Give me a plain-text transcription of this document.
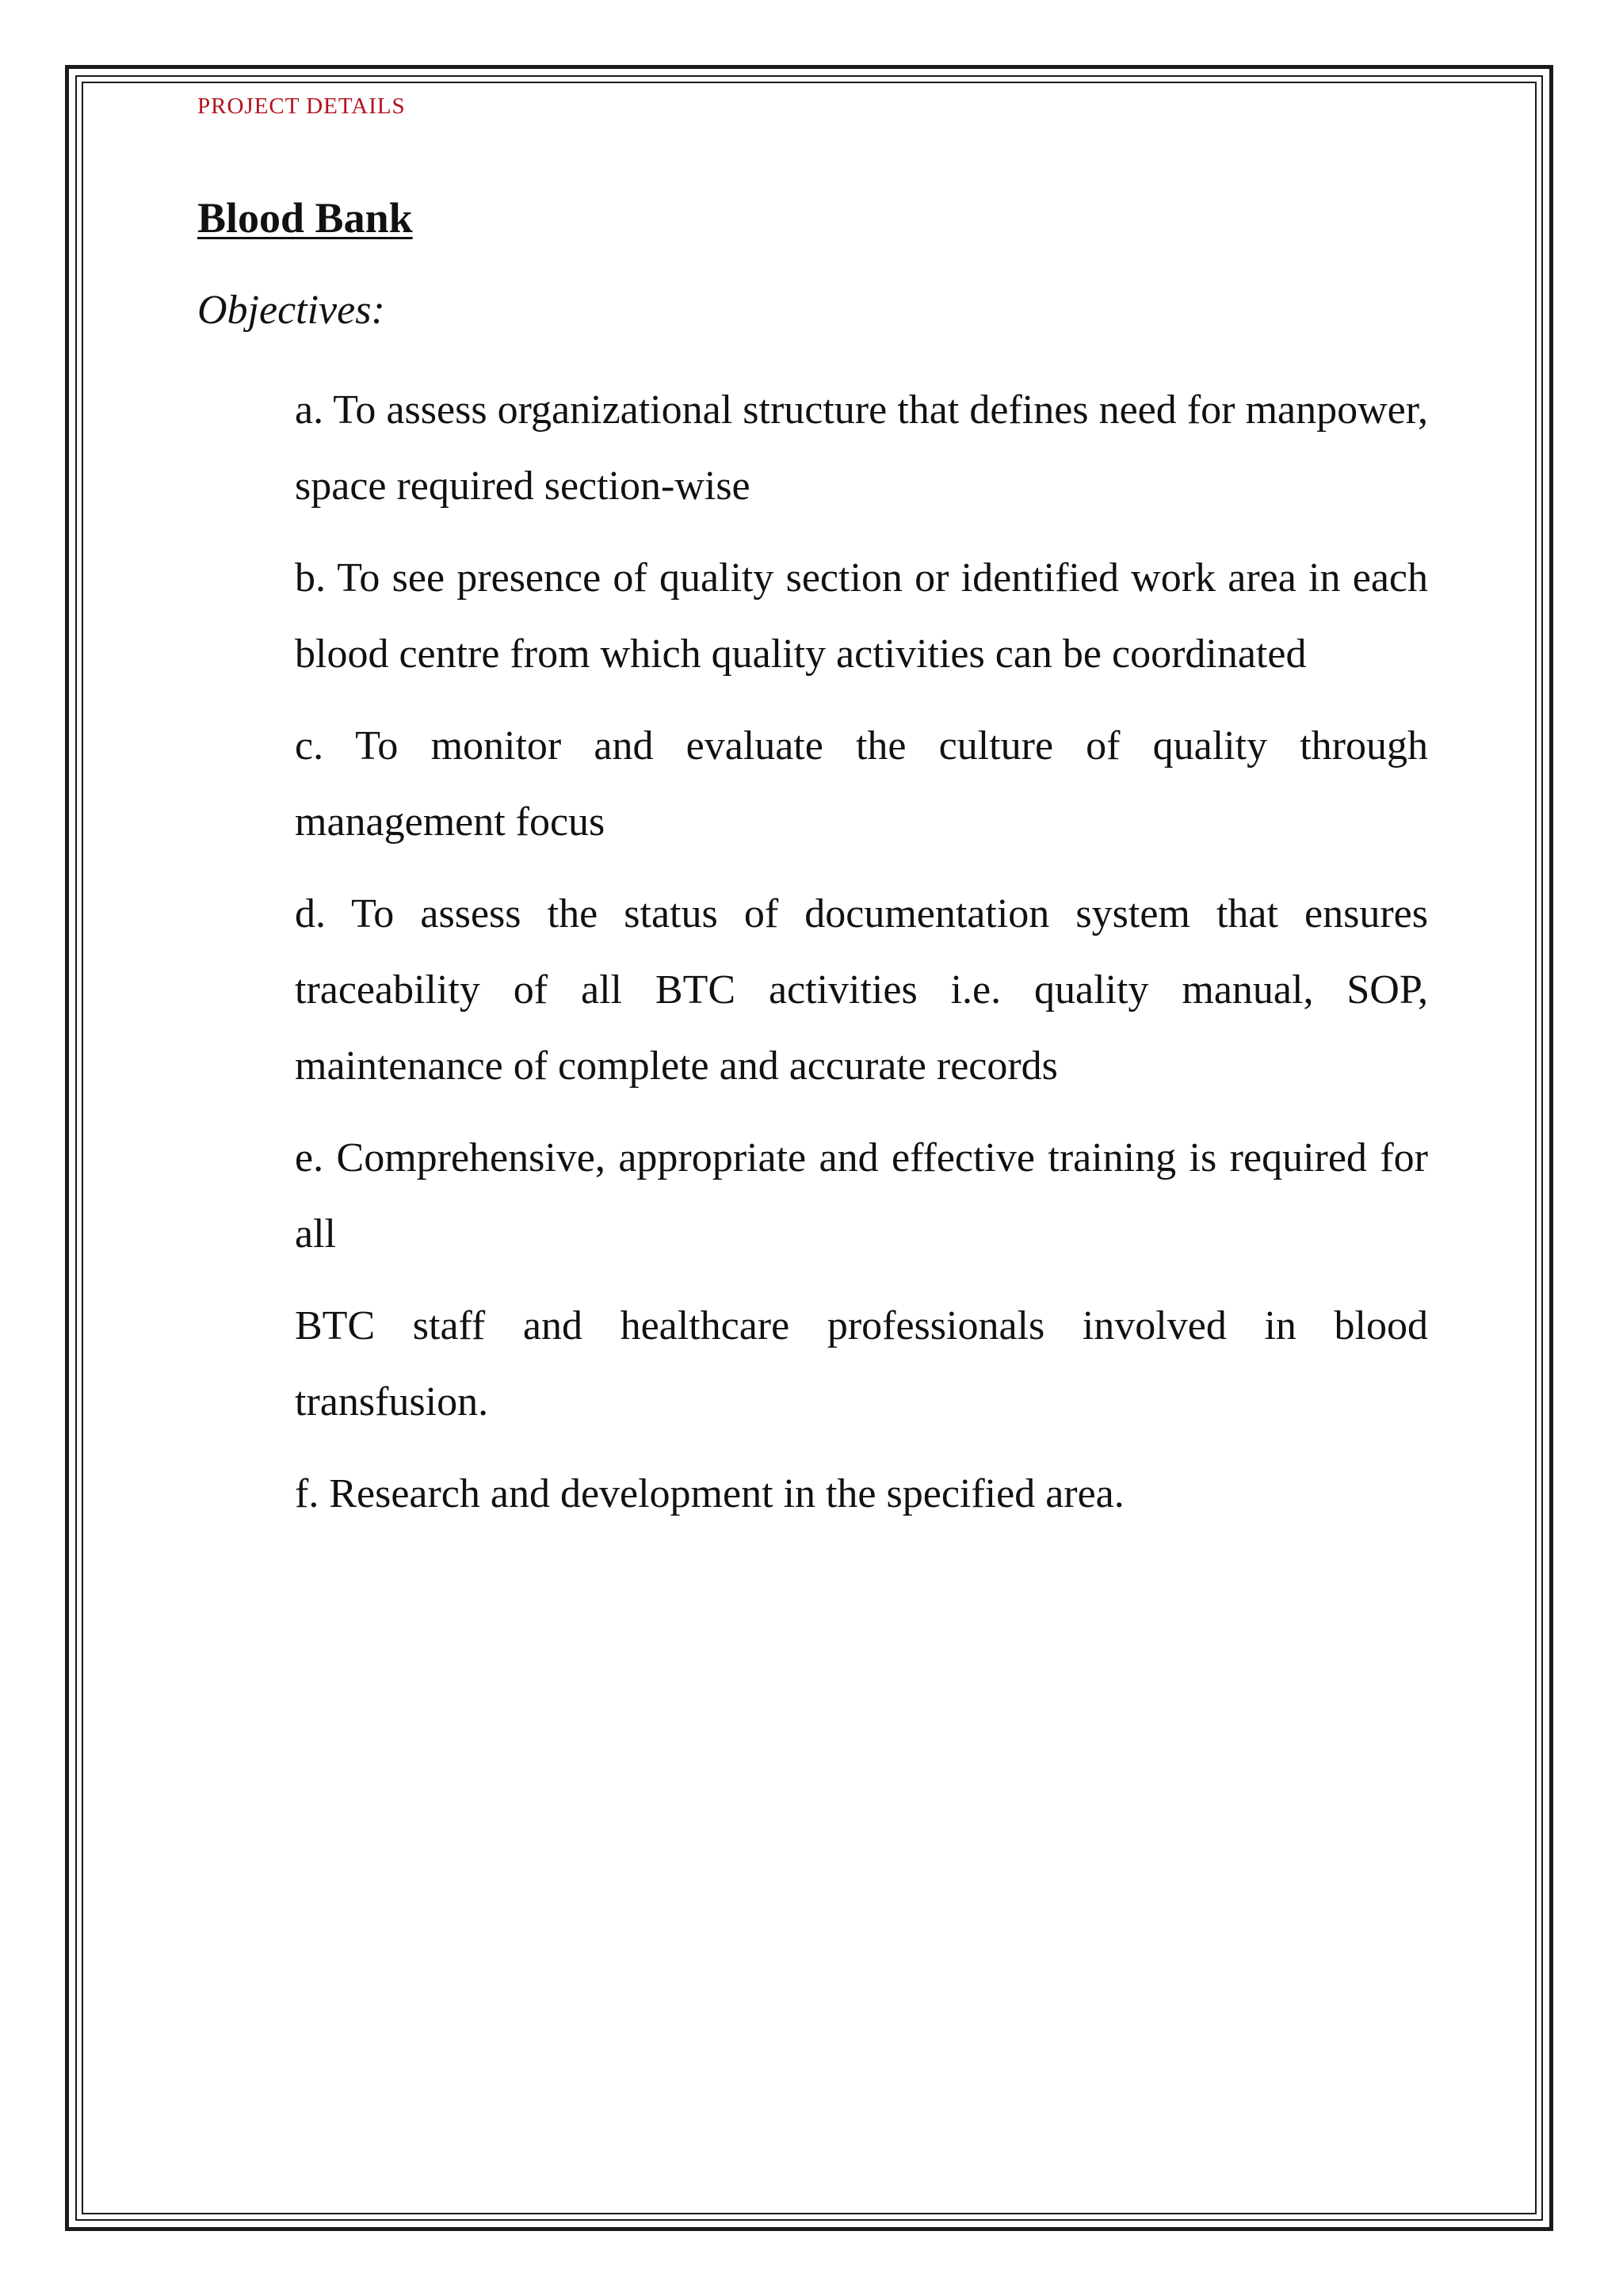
PROJECT DETAILS
Blood Bank
Objectives:
a. To assess organizational structure that defines need for manpower, space required section-wise
b. To see presence of quality section or identified work area in each blood centre from which quality activities can be coordinated
c. To monitor and evaluate the culture of quality through management focus
d. To assess the status of documentation system that ensures traceability of all BTC activities i.e. quality manual, SOP, maintenance of complete and accurate records
e. Comprehensive, appropriate and effective training is required for all
BTC staff and healthcare professionals involved in blood transfusion.
f. Research and development in the specified area.
